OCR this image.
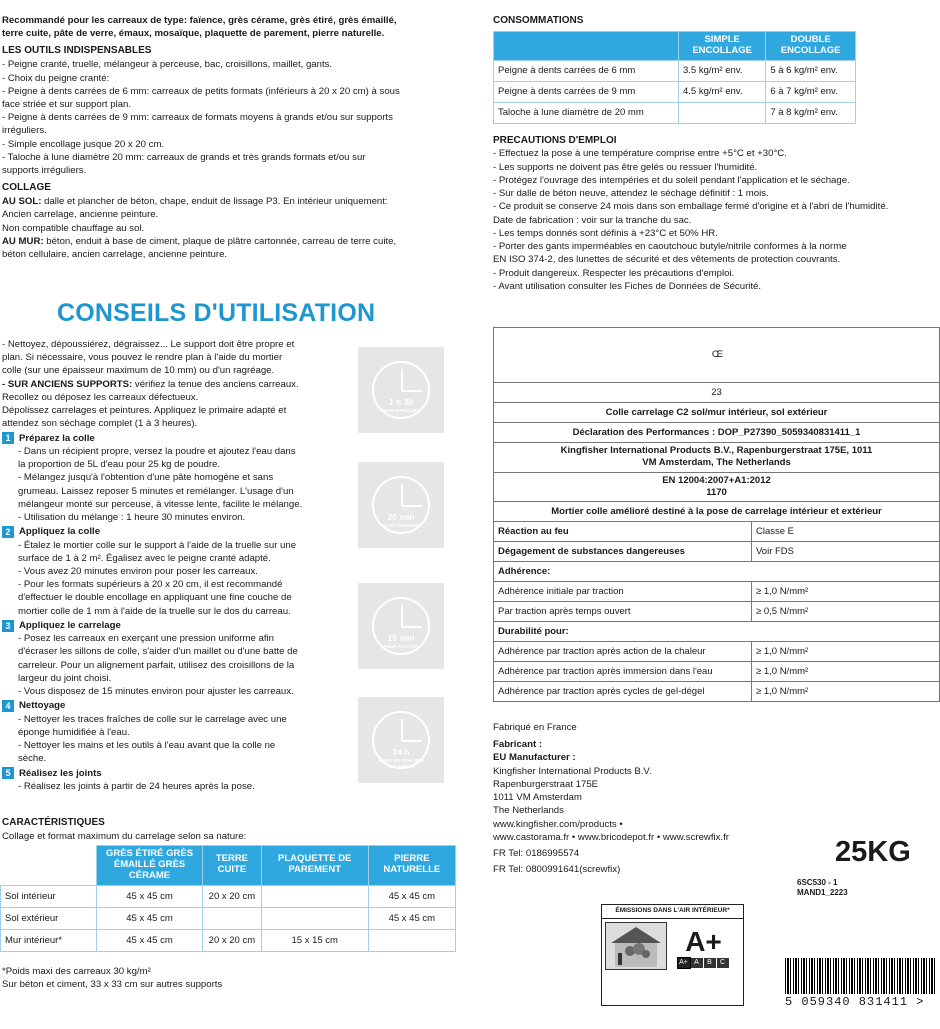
Recommandé pour les carreaux de type: faïence, grès cérame, grès étiré, grès émaillé,
terre cuite, pâte de verre, émaux, mosaïque, plaquette de parement, pierre naturelle.
LES OUTILS INDISPENSABLES
- Peigne cranté, truelle, mélangeur à perceuse, bac, croisillons, maillet, gants.
- Choix du peigne cranté:
- Peigne à dents carrées de 6 mm: carreaux de petits formats (inférieurs à 20 x 20 cm) à sous
face striée et sur support plan.
- Peigne à dents carrées de 9 mm: carreaux de formats moyens à grands et/ou sur supports
irréguliers.
- Simple encollage jusque 20 x 20 cm.
- Taloche à lune diamètre 20 mm: carreaux de grands et très grands formats et/ou sur
supports irréguliers.
COLLAGE
AU SOL: dalle et plancher de béton, chape, enduit de lissage P3. En intérieur uniquement:
Ancien carrelage, ancienne peinture.
Non compatible chauffage au sol.
AU MUR: béton, enduit à base de ciment, plaque de plâtre cartonnée, carreau de terre cuite,
béton cellulaire, ancien carrelage, ancienne peinture.
CONSEILS D'UTILISATION
- Nettoyez, dépoussiérez, dégraissez... Le support doit être propre et
plan. Si nécessaire, vous pouvez le rendre plan à l'aide du mortier
colle (sur une épaisseur maximum de 10 mm) ou d'un ragréage.
- SUR ANCIENS SUPPORTS: vérifiez la tenue des anciens carreaux.
Recollez ou déposez les carreaux défectueux.
Dépolissez carrelages et peintures. Appliquez le primaire adapté et
attendez son séchage complet (1 à 3 heures).
1 Préparez la colle
- Dans un récipient propre, versez la poudre et ajoutez l'eau dans
la proportion de 5L d'eau pour 25 kg de poudre.
- Mélangez jusqu'à l'obtention d'une pâte homogène et sans
grumeau. Laissez reposer 5 minutes et remélanger. L'usage d'un
mélangeur monté sur perceuse, à vitesse lente, facilite le mélange.
- Utilisation du mélange : 1 heure 30 minutes environ.
2 Appliquez la colle
- Étalez le mortier colle sur le support à l'aide de la truelle sur une
surface de 1 à 2 m². Égalisez avec le peigne cranté adapté.
- Vous avez 20 minutes environ pour poser les carreaux.
- Pour les formats supérieurs à 20 x 20 cm, il est recommandé
d'effectuer le double encollage en appliquant une fine couche de
mortier colle de 1 mm à l'aide de la truelle sur le dos du carreau.
3 Appliquez le carrelage
- Posez les carreaux en exerçant une pression uniforme afin
d'écraser les sillons de colle, s'aider d'un maillet ou d'une batte de
carreleur. Pour un alignement parfait, utilisez des croisillons de la
largeur du joint choisi.
- Vous disposez de 15 minutes environ pour ajuster les carreaux.
4 Nettoyage
- Nettoyer les traces fraîches de colle sur le carrelage avec une
éponge humidifiée à l'eau.
- Nettoyer les mains et les outils à l'eau avant que la colle ne
sèche.
5 Réalisez les joints
- Réalisez les joints à partir de 24 heures après la pose.
1 h 30
POUR APPLIQUER
20 min
POUR CARRELER
15 min
POUR AJUSTER
24 h
AVANT DE RÉALISER LES JOINTS
CARACTÉRISTIQUES
Collage et format maximum du carrelage selon sa nature:
	GRÈS ÉTIRÉ GRÈS ÉMAILLÉ GRÈS CÉRAME	TERRE CUITE	PLAQUETTE DE PAREMENT	PIERRE NATURELLE
Sol intérieur	45 x 45 cm	20 x 20 cm		45 x 45 cm
Sol extérieur	45 x 45 cm			45 x 45 cm
Mur intérieur*	45 x 45 cm	20 x 20 cm	15 x 15 cm	
*Poids maxi des carreaux 30 kg/m²
Sur béton et ciment, 33 x 33 cm sur autres supports
CONSOMMATIONS
	SIMPLE ENCOLLAGE	DOUBLE ENCOLLAGE
Peigne à dents carrées de 6 mm	3.5 kg/m² env.	5 à 6 kg/m² env.
Peigne à dents carrées de 9 mm	4.5 kg/m² env.	6 à 7 kg/m² env.
Taloche à lune diamètre de 20 mm		7 à 8 kg/m² env.
PRECAUTIONS D'EMPLOI
- Effectuez la pose à une température comprise entre +5°C et +30°C.
- Les supports ne doivent pas être gelés ou ressuer l'humidité.
- Protégez l'ouvrage des intempéries et du soleil pendant l'application et le séchage.
- Sur dalle de béton neuve, attendez le séchage définitif : 1 mois.
- Ce produit se conserve 24 mois dans son emballage fermé d'origine et à l'abri de l'humidité.
Date de fabrication : voir sur la tranche du sac.
- Les temps donnés sont définis à +23°C et 50% HR.
- Porter des gants imperméables en caoutchouc butyle/nitrile conformes à la norme
EN ISO 374-2, des lunettes de sécurité et des vêtements de protection couvrants.
- Produit dangereux. Respecter les précautions d'emploi.
- Avant utilisation consulter les Fiches de Données de Sécurité.
CE	
23	
Colle carrelage C2 sol/mur intérieur, sol extérieur	
Déclaration des Performances : DOP_P27390_5059340831411_1	

Kingfisher International Products B.V., Rapenburgerstraat 175E, 1011
VM Amsterdam, The Netherlands	

EN 12004:2007+A1:2012
1170	

Mortier colle amélioré destiné à la pose de carrelage intérieur et extérieur	
Réaction au feu	Classe E
Dégagement de substances dangereuses	Voir FDS
Adhérence:	
Adhérence initiale par traction	≥ 1,0 N/mm²
Par traction après temps ouvert	≥ 0,5 N/mm²
Durabilité pour:	
Adhérence par traction après action de la chaleur	≥ 1,0 N/mm²
Adhérence par traction après immersion dans l'eau	≥ 1,0 N/mm²
Adhérence par traction après cycles de gel-dégel	≥ 1,0 N/mm²
Fabriqué en France
Fabricant :
EU Manufacturer :
Kingfisher International Products B.V.
Rapenburgerstraat 175E
1011 VM Amsterdam
The Netherlands
www.kingfisher.com/products •
www.castorama.fr • www.bricodepot.fr • www.screwfix.fr
FR Tel: 0186995574
FR Tel: 0800991641(screwfix)
25KG
6SC530 - 1
MAND1_2223
ÉMISSIONS DANS L'AIR INTÉRIEUR*
A+
A+ A	B	C
5 059340 831411 >
